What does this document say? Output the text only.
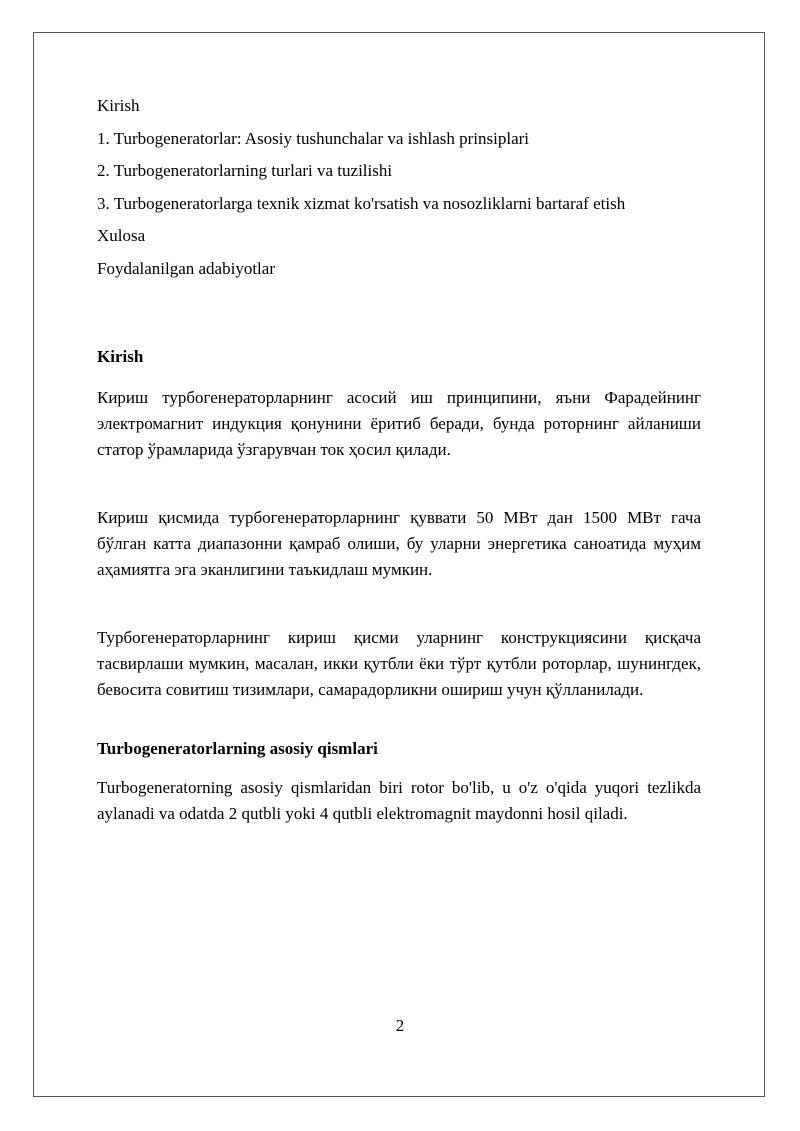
Kirish
1. Turbogeneratorlar: Asosiy tushunchalar va ishlash prinsiplari
2. Turbogeneratorlarning turlari va tuzilishi
3. Turbogeneratorlarga texnik xizmat ko'rsatish va nosozliklarni bartaraf etish
Xulosa
Foydalanilgan adabiyotlar
Kirish

Кириш турбогенераторларнинг асосий иш принципини, яъни Фарадейнинг электромагнит индукция қонунини ёритиб беради, бунда роторнинг айланиши статор ўрамларида ўзгарувчан ток ҳосил қилади.

Кириш қисмида турбогенераторларнинг қуввати 50 МВт дан 1500 МВт гача бўлган катта диапазонни қамраб олиши, бу уларни энергетика саноатида муҳим аҳамиятга эга эканлигини таъкидлаш мумкин.

Турбогенераторларнинг кириш қисми уларнинг конструкциясини қисқача тасвирлаши мумкин, масалан, икки қутбли ёки тўрт қутбли роторлар, шунингдек, бевосита совитиш тизимлари, самарадорликни ошириш учун қўлланилади.

Turbogeneratorlarning asosiy qismlari

Turbogeneratorning asosiy qismlaridan biri rotor bo'lib, u o'z o'qida yuqori tezlikda aylanadi va odatda 2 qutbli yoki 4 qutbli elektromagnit maydonni hosil qiladi.

2
